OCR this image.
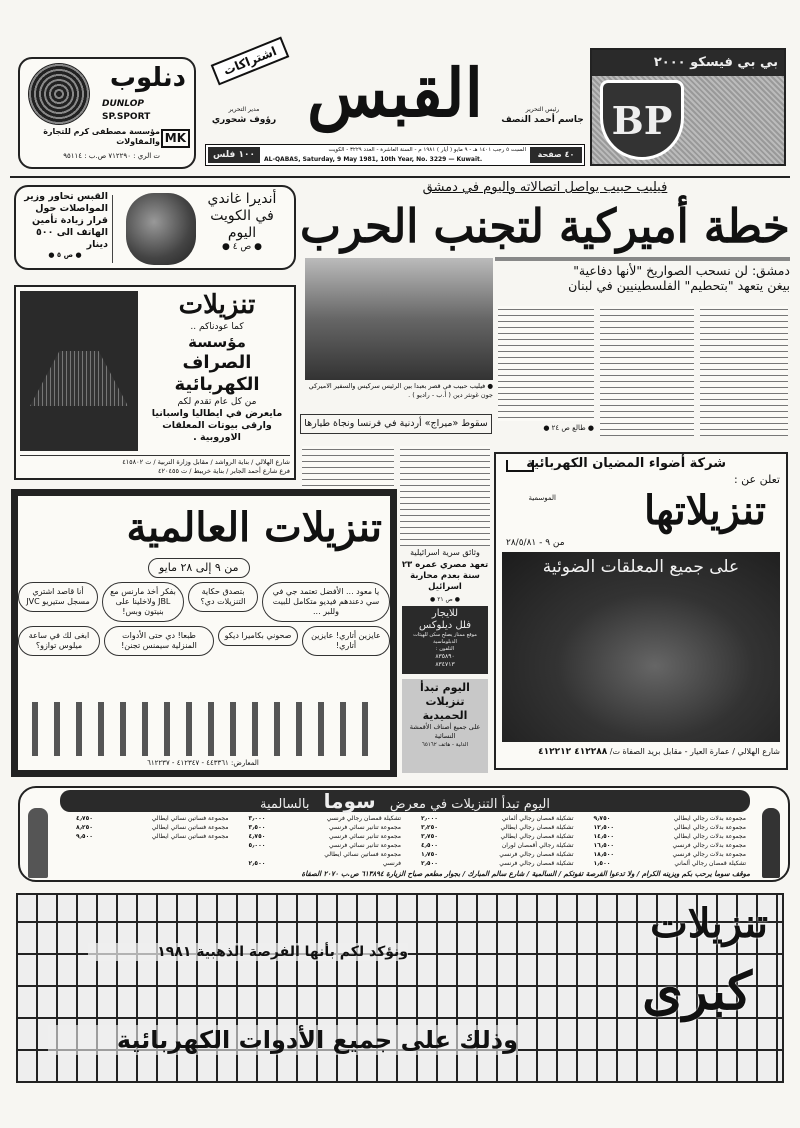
دنلوب
DUNLOP
SP.SPORT
MK
مؤسسة مصطفى كرم للتجارة والمقاولات
ت الري : ٧١٢٢٩٠ ص.ب : ٩٥١١٤
اشتراكات
مدير التحرير
رؤوف شحوري القبس	رئيس التحرير
جاسم أحمد النصف
١٠٠ فلس	السبت ٥ رجب ١٤٠١ هـ - ٩ مايو ( أيار ) ١٩٨١ م - السنة العاشرة - العدد ٣٢٢٩ - الكويت
AL-QABAS, Saturday, 9 May 1981, 10th Year, No. 3229 — Kuwait.
٤٠ صفحة
بي بي فيسكو ٢٠٠٠
BP
القبس تحاور وزير المواصلات حول قرار زيادة تأمين الهاتف الى ٥٠٠ دينار
● ص ٥ ●
أنديرا غاندي في الكويت اليوم
● ص ٤ ●
تنزيلات
كما عودناكم ..
مؤسسة
الصراف الكهربائية
من كل عام تقدم لكم
مايعرض في ايطاليا واسبانيا وارقى بيوتات المعلقات الاوروبية .
شارع الهلالي / بناية الرواشد / مقابل وزارة التربية / ت ٤١٥٨٠٢
فرع شارع أحمد الجابر / بناية خريبط / ت ٤٢٠٤٥٥
فيليب حبيب يواصل اتصالاته واليوم في دمشق
خطة أميركية لتجنب الحرب
دمشق: لن نسحب الصواريخ "لأنها دفاعية"
بيغن يتعهد "بتحطيم" الفلسطينيين في لبنان
● فيليب حبيب في قصر بعبدا بين الرئيس سركيس والسفير الاميركي جون غونثر دين ( أ.ب - رادیو ) .
● طالع ص ٢٤ ●
سقوط «ميراج» أردنية في فرنسا ونجاة طيارها
وثائق سرية اسرائيلية
تعهد مصري عمره ٢٣ سنة بعدم محاربة اسرائيل
● ص ٢١ ●
للايجار
فلل ديلوكس
موقع ممتاز يصلح سكن للهيئات الدبلوماسية
التلفون :
٨٣٥٨٩٠
٨٣٤٧١٣
اليوم تبدأ
تنزيلات
الحميدية
على جميع أصناف الأقمشة النسائية
الدلية - هاتف ٦٥١٦٢
شركة أضواء المضيان الكهربائية
تعلن عن :
تنزيلاتها
الموسمية
من ٩ - ٢٨/٥/٨١
على جميع المعلقات الضوئية
شارع الهلالي / عمارة العيار - مقابل بريد الصفاة ت/ ٤١٢٢٨٨ ٤١٢٢١٢
تنزيلات العالمية
من ٩ إلى ٢٨ مايو
يا معود ... الأفضل تعتمد جي في سي دعندهم فيديو متكامل للبيت وللبر ...
بتصدق حكاية التنزيلات دي؟
بفكر أخذ مارنس مع JBL ولاخلينا على بنيتون وبس!
أنا قاصد اشتري مسجل ستيريو JVC
عايزين أتاري! عايزين أتاري!
صحوني بكاميرا ديكو
طبعا! دي حتى الأدوات المنزلية سيمنس تجنن!
ابغى لك في ساعة ميلوس توازو؟
المعارض: ٤٤٣٣٦١ - ٤١٢٣٤٧ - ٦١٢٢٣٧
اليوم تبدأ التنزيلات في معرض سوما بالسالمية
مجموعة بدلات رجالي ايطالي
٩٫٧٥٠
مجموعة بدلات رجالي ايطالي
١٢٫٥٠٠
مجموعة بدلات رجالي ايطالي
١٤٫٥٠٠
مجموعة بدلات رجالي فرنسي
١٦٫٥٠٠
مجموعة بدلات رجالي فرنسي
١٨٫٥٠٠
تشكيلة قمصان رجالي ألماني
١٫٥٠٠
تشكيلة قمصان رجالي ألماني
٢٫٠٠٠
تشكيلة قمصان رجالي ايطالي
٣٫٢٥٠
تشكيلة قمصان رجالي ايطالي
٣٫٧٥٠
تشكيلة رجالي أقمصان لوران
٤٫٥٠٠
تشكيلة قمصان رجالي فرنسي
١٫٧٥٠
تشكيلة قمصان رجالي فرنسي
٢٫٥٠٠
تشكيلة قمصان رجالي فرنسي
٣٫٠٠٠
مجموعة تنانير نسائي فرنسي
٣٫٥٠٠
مجموعة تنانير نسائي فرنسي
٤٫٧٥٠
مجموعة تنانير نسائي فرنسي
٥٫٠٠٠
مجموعة فساتين نسائي ايطالي
فرنسي
٢٫٥٠٠
مجموعة فساتين نسائي ايطالي
٤٫٧٥٠
مجموعة فساتين نسائي ايطالي
٨٫٢٥٠
مجموعة فساتين نسائي ايطالي
٩٫٥٠٠
موقف سوما يرحب بكم ويزينه الكرام / ولا تدعوا الفرصة تفوتكم / السالمية / شارع سالم المبارك / بجوار مطعم صباح الزيارة ٦١٣٨٩٤ ص.ب ٢٠٧٠ الصفاة
تنزيلات
كبرى
ونؤكد لكم بأنها الفرصة الذهبية ١٩٨١
وذلك على جميع الأدوات الكهربائية
